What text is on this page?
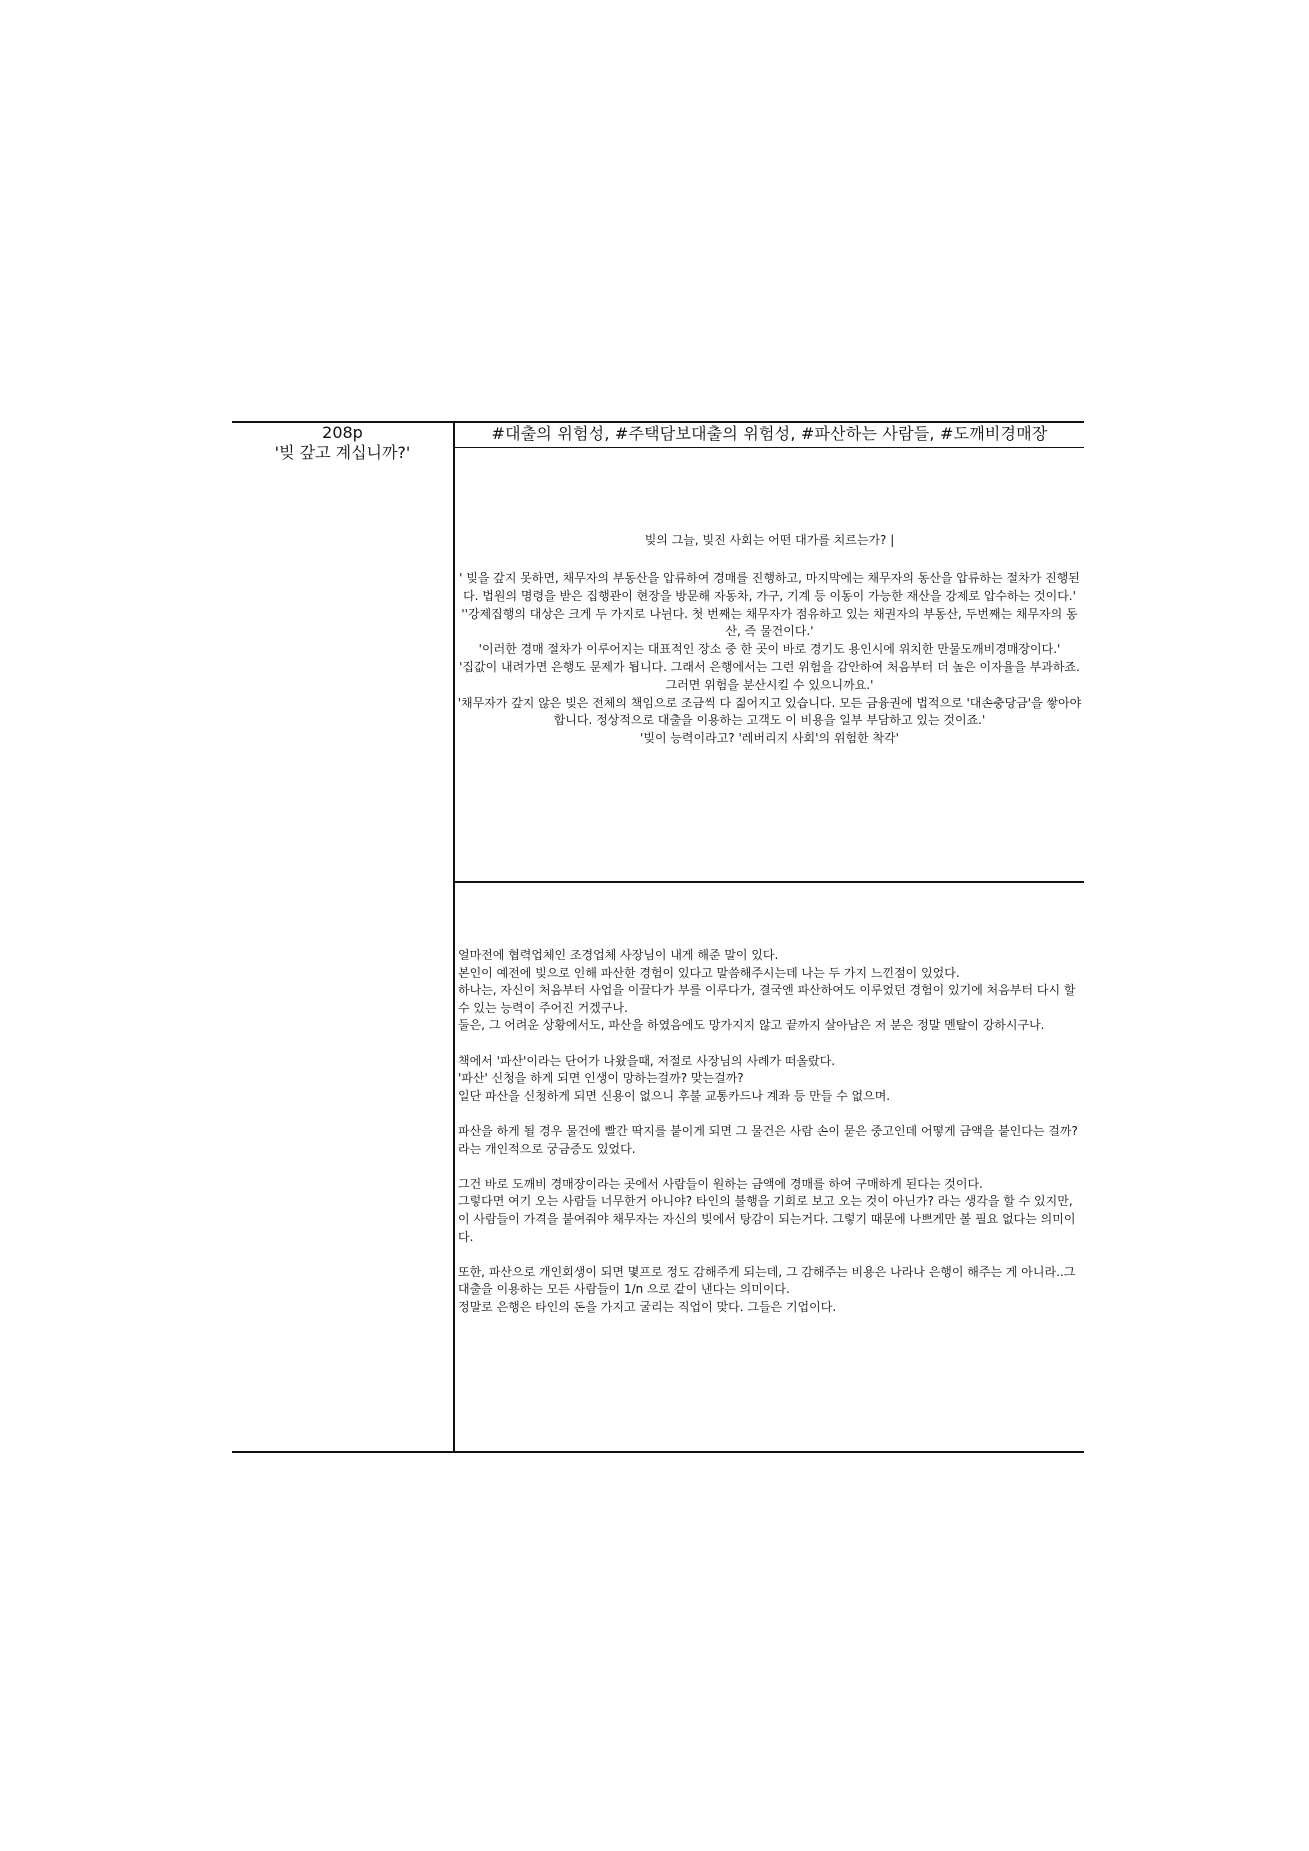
208p
'빚 갚고 계십니까?'
#대출의 위험성, #주택담보대출의 위험성, #파산하는 사람들, #도깨비경매장
빚의 그늘, 빚진 사회는 어떤 대가를 치르는가? |
' 빚을 갚지 못하면, 채무자의 부동산을 압류하여 경매를 진행하고, 마지막에는 채무자의 동산을 압류하는 절차가 진행된다. 법원의 명령을 받은 집행관이 현장을 방문해 자동차, 가구, 기계 등 이동이 가능한 재산을 강제로 압수하는 것이다.'
''강제집행의 대상은 크게 두 가지로 나뉜다. 첫 번째는 채무자가 점유하고 있는 채권자의 부동산, 두번째는 채무자의 동산, 즉 물건이다.'
'이러한 경매 절차가 이루어지는 대표적인 장소 중 한 곳이 바로 경기도 용인시에 위치한 만물도깨비경매장이다.'
'집값이 내려가면 은행도 문제가 됩니다. 그래서 은행에서는 그런 위험을 감안하여 처음부터 더 높은 이자율을 부과하죠. 그러면 위험을 분산시킬 수 있으니까요.'
'채무자가 갚지 않은 빚은 전체의 책임으로 조금씩 다 짊어지고 있습니다. 모든 금융권에 법적으로 '대손충당금'을 쌓아야 합니다. 정상적으로 대출을 이용하는 고객도 이 비용을 일부 부담하고 있는 것이죠.'
'빚이 능력이라고? '레버리지 사회'의 위험한 착각'

얼마전에 협력업체인 조경업체 사장님이 내게 해준 말이 있다.
본인이 예전에 빚으로 인해 파산한 경험이 있다고 말씀해주시는데 나는 두 가지 느낀점이 있었다.
하나는, 자신이 처음부터 사업을 이끌다가 부를 이루다가, 결국엔 파산하여도 이루었던 경험이 있기에 처음부터 다시 할 수 있는 능력이 주어진 거겠구나.
둘은, 그 어려운 상황에서도, 파산을 하였음에도 망가지지 않고 끝까지 살아남은 저 분은 정말 멘탈이 강하시구나.

책에서 '파산'이라는 단어가 나왔을때, 저절로 사장님의 사례가 떠올랐다.
'파산' 신청을 하게 되면 인생이 망하는걸까? 맞는걸까?
일단 파산을 신청하게 되면 신용이 없으니 후불 교통카드나 계좌 등 만들 수 없으며.

파산을 하게 될 경우 물건에 빨간 딱지를 붙이게 되면 그 물건은 사람 손이 묻은 중고인데 어떻게 금액을 붙인다는 걸까? 라는 개인적으로 궁금증도 있었다.

그건 바로 도깨비 경매장이라는 곳에서 사람들이 원하는 금액에 경매를 하여 구매하게 된다는 것이다.
그렇다면 여기 오는 사람들 너무한거 아니야? 타인의 불행을 기회로 보고 오는 것이 아닌가? 라는 생각을 할 수 있지만, 이 사람들이 가격을 붙여줘야 채무자는 자신의 빚에서 탕감이 되는거다. 그렇기 때문에 나쁘게만 볼 필요 없다는 의미이다.

또한, 파산으로 개인회생이 되면 몇프로 정도 감해주게 되는데, 그 감해주는 비용은 나라나 은행이 해주는 게 아니라..그 대출을 이용하는 모든 사람들이 1/n 으로 같이 낸다는 의미이다.
정말로 은행은 타인의 돈을 가지고 굴리는 직업이 맞다. 그들은 기업이다.
